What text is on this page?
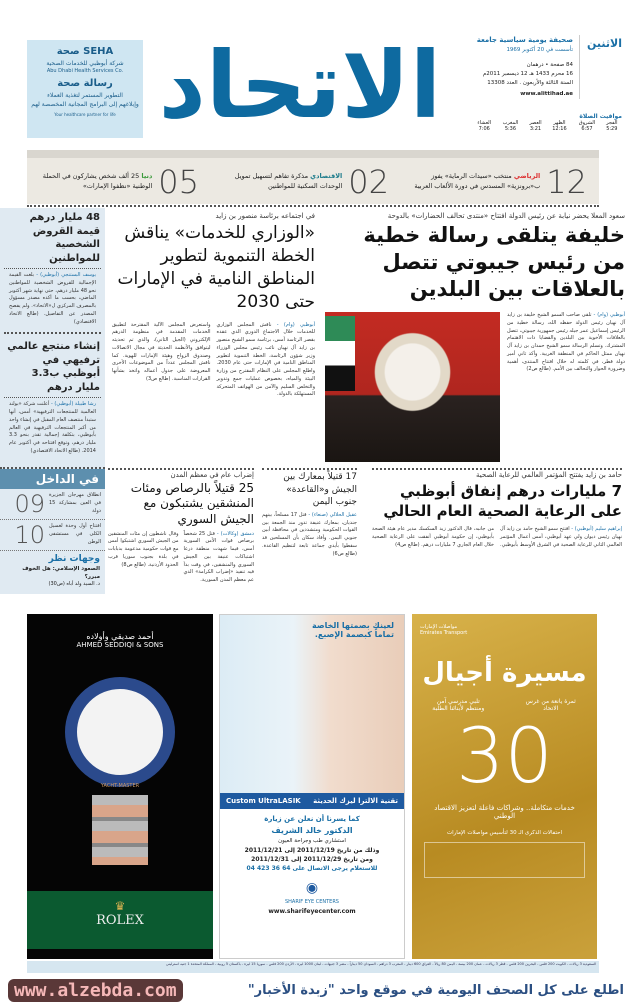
الاتحاد
SEHA صحة
شركة أبوظبي للخدمات الصحية
Abu Dhabi Health Services Co.
رسالة صحة
التطوير المستمر لتغذية العملاء
وإبلاغهم إلى البرامج المجانية المخصصة لهم
Your healthcare partner for life
الاثنين
صحيفة يومية سياسية جامعة
تأسست في 20 أكتوبر 1969
84 صفحة • درهمان
16 محرم 1433 هـ 12 ديسمبر 2011م
السنة الثالثة والأربعون . العدد 13308
www.alittihad.ae
مواقيت الصلاة
الفجر	الشروق	الظهر	العصر	المغرب	العشاء
5:29	6:57	12:16	3:21	5:36	7:06
12
الرياضي منتخب «سيدات الرماية» يفوز ب«برونزية» المسدس في دورة الألعاب العربية
02
الاقتصادي مذكرة تفاهم لتسهيل تمويل الوحدات السكنية للمواطنين
05
دنيا 25 ألف شخص يشاركون في الحملة الوطنية «نظفوا الإمارات»
48 مليار درهم قيمة القروض الشخصية للمواطنين
يوسف البستنجي (أبوظبي) - بلغت القيمة الإجمالية للقروض الشخصية للمواطنين نحو 48 مليار درهم، حتى نهاية شهر أكتوبر الماضي، بحسب ما أكده مصدر مسؤول بالمصرف المركزي ل«الاتحاد». ولم يفصح المصدر عن التفاصيل. (طالع الاتحاد الاقتصادي)
إنشاء منتجع عالمي ترفيهي في أبوظبي ب3.3 مليار درهم
رشا طبيلة (أبوظبي) - أعلنت شركة «بولند العالمية للمنتجعات الترفيهية» أمس، أنها ستبدأ منتصف العام المقبل في إنشاء واحد من أكبر المنتجعات الترفيهية في العالم بأبوظبي، بتكلفة إجمالية تقدر بنحو 3.3 مليار درهم، وتوقع افتتاحه في أكتوبر عام 2014. (طالع الاتحاد الاقتصادي)
في الداخل
انطلاق مهرجان الجزيرة في العين بمشاركة 15 دولة
09
افتتاح أول وحدة لغسيل الكلى في مستشفى الوطن
10
وجهات نظر
الصعود الإسلامي: هل الخوف مبرر؟
د. السيد ولد أباه (ص30)
في اجتماعه برئاسة منصور بن زايد
«الوزاري للخدمات» يناقش الخطة التنموية لتطوير المناطق النامية في الإمارات حتى 2030
أبوظبي (وام) - ناقش المجلس الوزاري للخدمات خلال الاجتماع الدوري الذي عقده بقصر الرئاسة أمس، برئاسة سمو الشيخ منصور بن زايد آل نهيان نائب رئيس مجلس الوزراء وزير شؤون الرئاسة، الخطة التنموية لتطوير المناطق النامية في الإمارات حتى عام 2030. واطلع المجلس على النظام المقترح من وزارة البيئة والمياه، بخصوص عمليات جمع وتدوير والتخلص السليم والآمن من الهواتف المتحركة المستهلكة بالدولة.
واستعرض المجلس الآلية المقترحة لتطبيق الخدمات المقدمة في منظومة الدرهم الإلكتروني (الجيل الثاني)، والذي تم تحديثه ليتوافق والأنظمة الحديثة في مجال الاتصالات وصندوق الزواج وهيئة الإمارات للهوية. كما ناقش المجلس عدداً من الموضوعات الأخرى المعروضة على جدول أعماله واتخذ بشأنها القرارات المناسبة. (طالع ص3)
سعود المعلا يحضر نيابة عن رئيس الدولة افتتاح «منتدى تحالف الحضارات» بالدوحة
خليفة يتلقى رسالة خطية من رئيس جيبوتي تتصل بالعلاقات بين البلدين
أبوظبي (وام) - تلقى صاحب السمو الشيخ خليفة بن زايد آل نهيان رئيس الدولة حفظه الله، رسالة خطية من الرئيس إسماعيل عمر جيله رئيس جمهورية جيبوتي، تتصل بالعلاقات الأخوية بين البلدين والقضايا ذات الاهتمام المشترك. وتسلم الرسالة سمو الشيخ حمدان بن زايد آل نهيان ممثل الحاكم في المنطقة الغربية. وأكد ثاني أمير دولة قطر، في كلمته له خلال افتتاح المنتدى، أهمية وضرورة الحوار والتحالف بين الأمم. (طالع ص2)
حامد بن زايد يفتتح المؤتمر العالمي للرعاية الصحية
7 مليارات درهم إنفاق أبوظبي على الرعاية الصحية العام الحالي
إبراهيم سليم (أبوظبي) - افتتح سمو الشيخ حامد بن زايد آل نهيان رئيس ديوان ولي عهد أبوظبي، أمس أعمال المؤتمر العالمي الثاني للرعاية الصحية في الشرق الأوسط بأبوظبي. من جانبه، قال الدكتور زيد السكسك مدير عام هيئة الصحة بأبوظبي، إن حكومة أبوظبي أنفقت على الرعاية الصحية خلال العام الجاري 7 مليارات درهم. (طالع ص4)
17 قتيلاً بمعارك بين الجيش و«القاعدة» جنوب اليمن
عقيل الحلالي (صنعاء) - قتل 17 مسلحاً، بينهم جنديان، بمعارك عنيفة تدور منذ الجمعة بين القوات الحكومية ومتشددين في محافظة أبين جنوبي اليمن. وأفاد سكان بأن المسلحين قد سقطوا بأيدي جماعة تابعة لتنظيم القاعدة. (طالع ص6)
إضراب عام في معظم المدن
25 قتيلاً بالرصاص ومئات المنشقين يشتبكون مع الجيش السوري
دمشق (وكالات) - قتل 25 شخصاً برصاص قوات الأمن السورية أمس، فيما شهدت منطقة درعا اشتباكات عنيفة بين الجيش السوري والمنشقين، في وقت بدأ فيه تنفيذ «إضراب الكرامة» الذي عم معظم المدن السورية.
وقال ناشطون إن مئات المنشقين من الجيش السوري اشتبكوا أمس مع قوات حكومية مدعومة بدبابات في بلدة بجنوب سوريا قرب الحدود الأردنية. (طالع ص8)
أحمد صديقي وأولاده
AHMED SEDDIQI & SONS
YACHT-MASTER
♛
ROLEX
لعينك بصمتها الخاصة تماماً كبصمة الإصبع.
تقنية الالترا ليزك الحديثة
Custom UltraLASIK
كما يسرنا أن نعلن عن زيارة
الدكتور خالد الشريف
استشاري طب وجراحة العيون
وذلك من تاريخ 2011/12/19 إلى 2011/12/21
ومن تاريخ 2011/12/29 إلى 2011/12/31
للاستعلام يرجى الاتصال على 64 36 423 04
◉
SHARIF EYE CENTERS
www.sharifeyecenter.com
مواصلات الإمارات
Emirates Transport
مسيرة أجيال
ثمرة يانعة من غرس الاتحاد
تلبي مدرسي آمن ومنتظم لأبنائنا الطلبة
30
خدمات متكاملة.. وشراكات فاعلة لتعزيز الاقتصاد الوطني
احتفالات الذكرى الـ 30 لتأسيس مواصلات الإمارات
السعودية 3 ريالات - الكويت 200 فلس - البحرين 200 فلس - قطر 3 ريالات - عمان 200 بيسة - اليمن 80 ريالاً - العراق 600 دينار - المغرب 3 دراهم - السودان 50 ديناراً - مصر 3 جنيهات - لبنان 1000 ليرة - الأردن 200 فلس - سوريا 15 ليرة - باكستان 5 روبية - المملكة المتحدة 1 جنيه استرليني
اطلع على كل الصحف اليومية في موقع واحد "زبدة الأخبار"
www.alzebda.com
